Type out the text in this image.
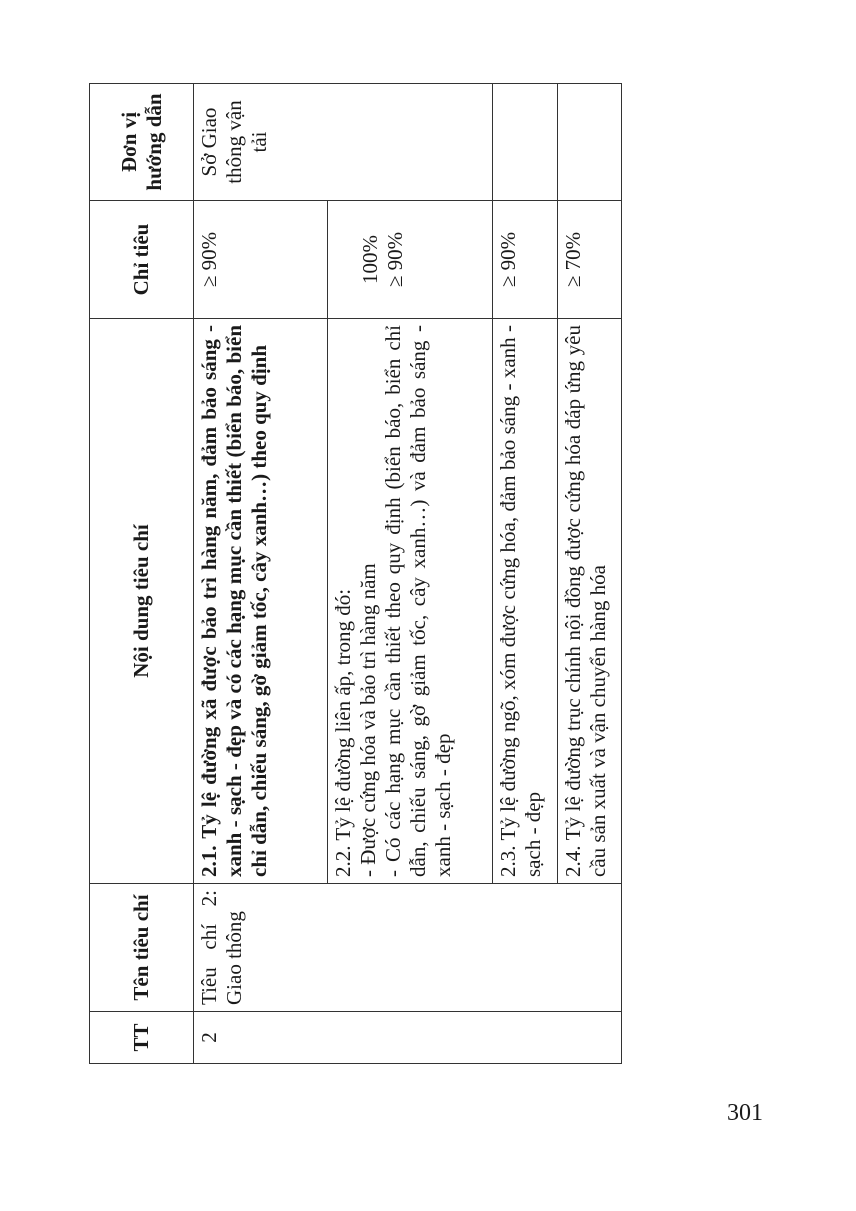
TT	Tên tiêu chí	Nội dung tiêu chí	Chỉ tiêu	Đơn vị hướng dẫn
2	Tiêu chí 2: Giao thông	2.1. Tỷ lệ đường xã được bảo trì hàng năm, đảm bảo sáng - xanh - sạch - đẹp và có các hạng mục cần thiết (biển báo, biển chỉ dẫn, chiếu sáng, gờ giảm tốc, cây xanh…) theo quy định	≥ 90%	Sở Giao thông vận tải

		2.2. Tỷ lệ đường liên ấp, trong đó: - Được cứng hóa và bảo trì hàng năm - Có các hạng mục cần thiết theo quy định (biển báo, biển chỉ dẫn, chiếu sáng, gờ giảm tốc, cây xanh…) và đảm bảo sáng - xanh - sạch - đẹp	100% ≥ 90%	

		2.3. Tỷ lệ đường ngõ, xóm được cứng hóa, đảm bảo sáng - xanh - sạch - đẹp	≥ 90%	
		2.4. Tỷ lệ đường trục chính nội đồng được cứng hóa đáp ứng yêu cầu sản xuất và vận chuyển hàng hóa	≥ 70%	
301
